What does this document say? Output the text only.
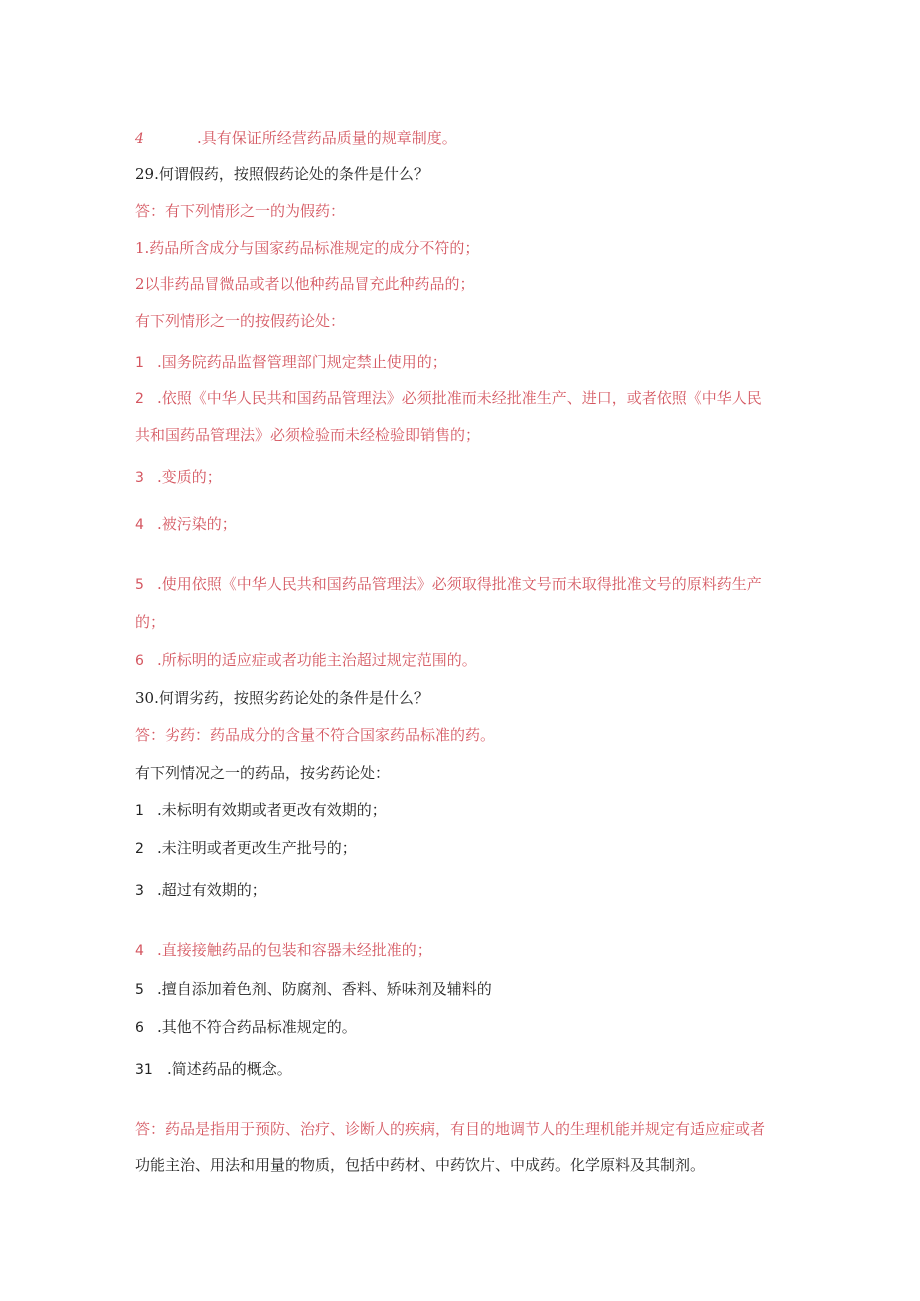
4	.具有保证所经营药品质量的规章制度。
29.何谓假药，按照假药论处的条件是什么？
答：有下列情形之一的为假药：
1.药品所含成分与国家药品标准规定的成分不符的；
2以非药品冒微品或者以他种药品冒充此种药品的；
有下列情形之一的按假药论处：
1 .国务院药品监督管理部门规定禁止使用的；
2 .依照《中华人民共和国药品管理法》必须批准而未经批准生产、进口，或者依照《中华人民
共和国药品管理法》必须检验而未经检验即销售的；
3 .变质的；
4 .被污染的；
5 .使用依照《中华人民共和国药品管理法》必须取得批准文号而未取得批准文号的原料药生产
的；
6 .所标明的适应症或者功能主治超过规定范围的。
30.何谓劣药，按照劣药论处的条件是什么？
答：劣药：药品成分的含量不符合国家药品标准的药。
有下列情况之一的药品，按劣药论处：
1 .未标明有效期或者更改有效期的；
2 .未注明或者更改生产批号的；
3 .超过有效期的；
4 .直接接触药品的包装和容器未经批准的；
5 .擅自添加着色剂、防腐剂、香料、矫味剂及辅料的
6 .其他不符合药品标准规定的。
31 .简述药品的概念。
答：药品是指用于预防、治疗、诊断人的疾病，有目的地调节人的生理机能并规定有适应症或者
功能主治、用法和用量的物质，包括中药材、中药饮片、中成药。化学原料及其制剂。
